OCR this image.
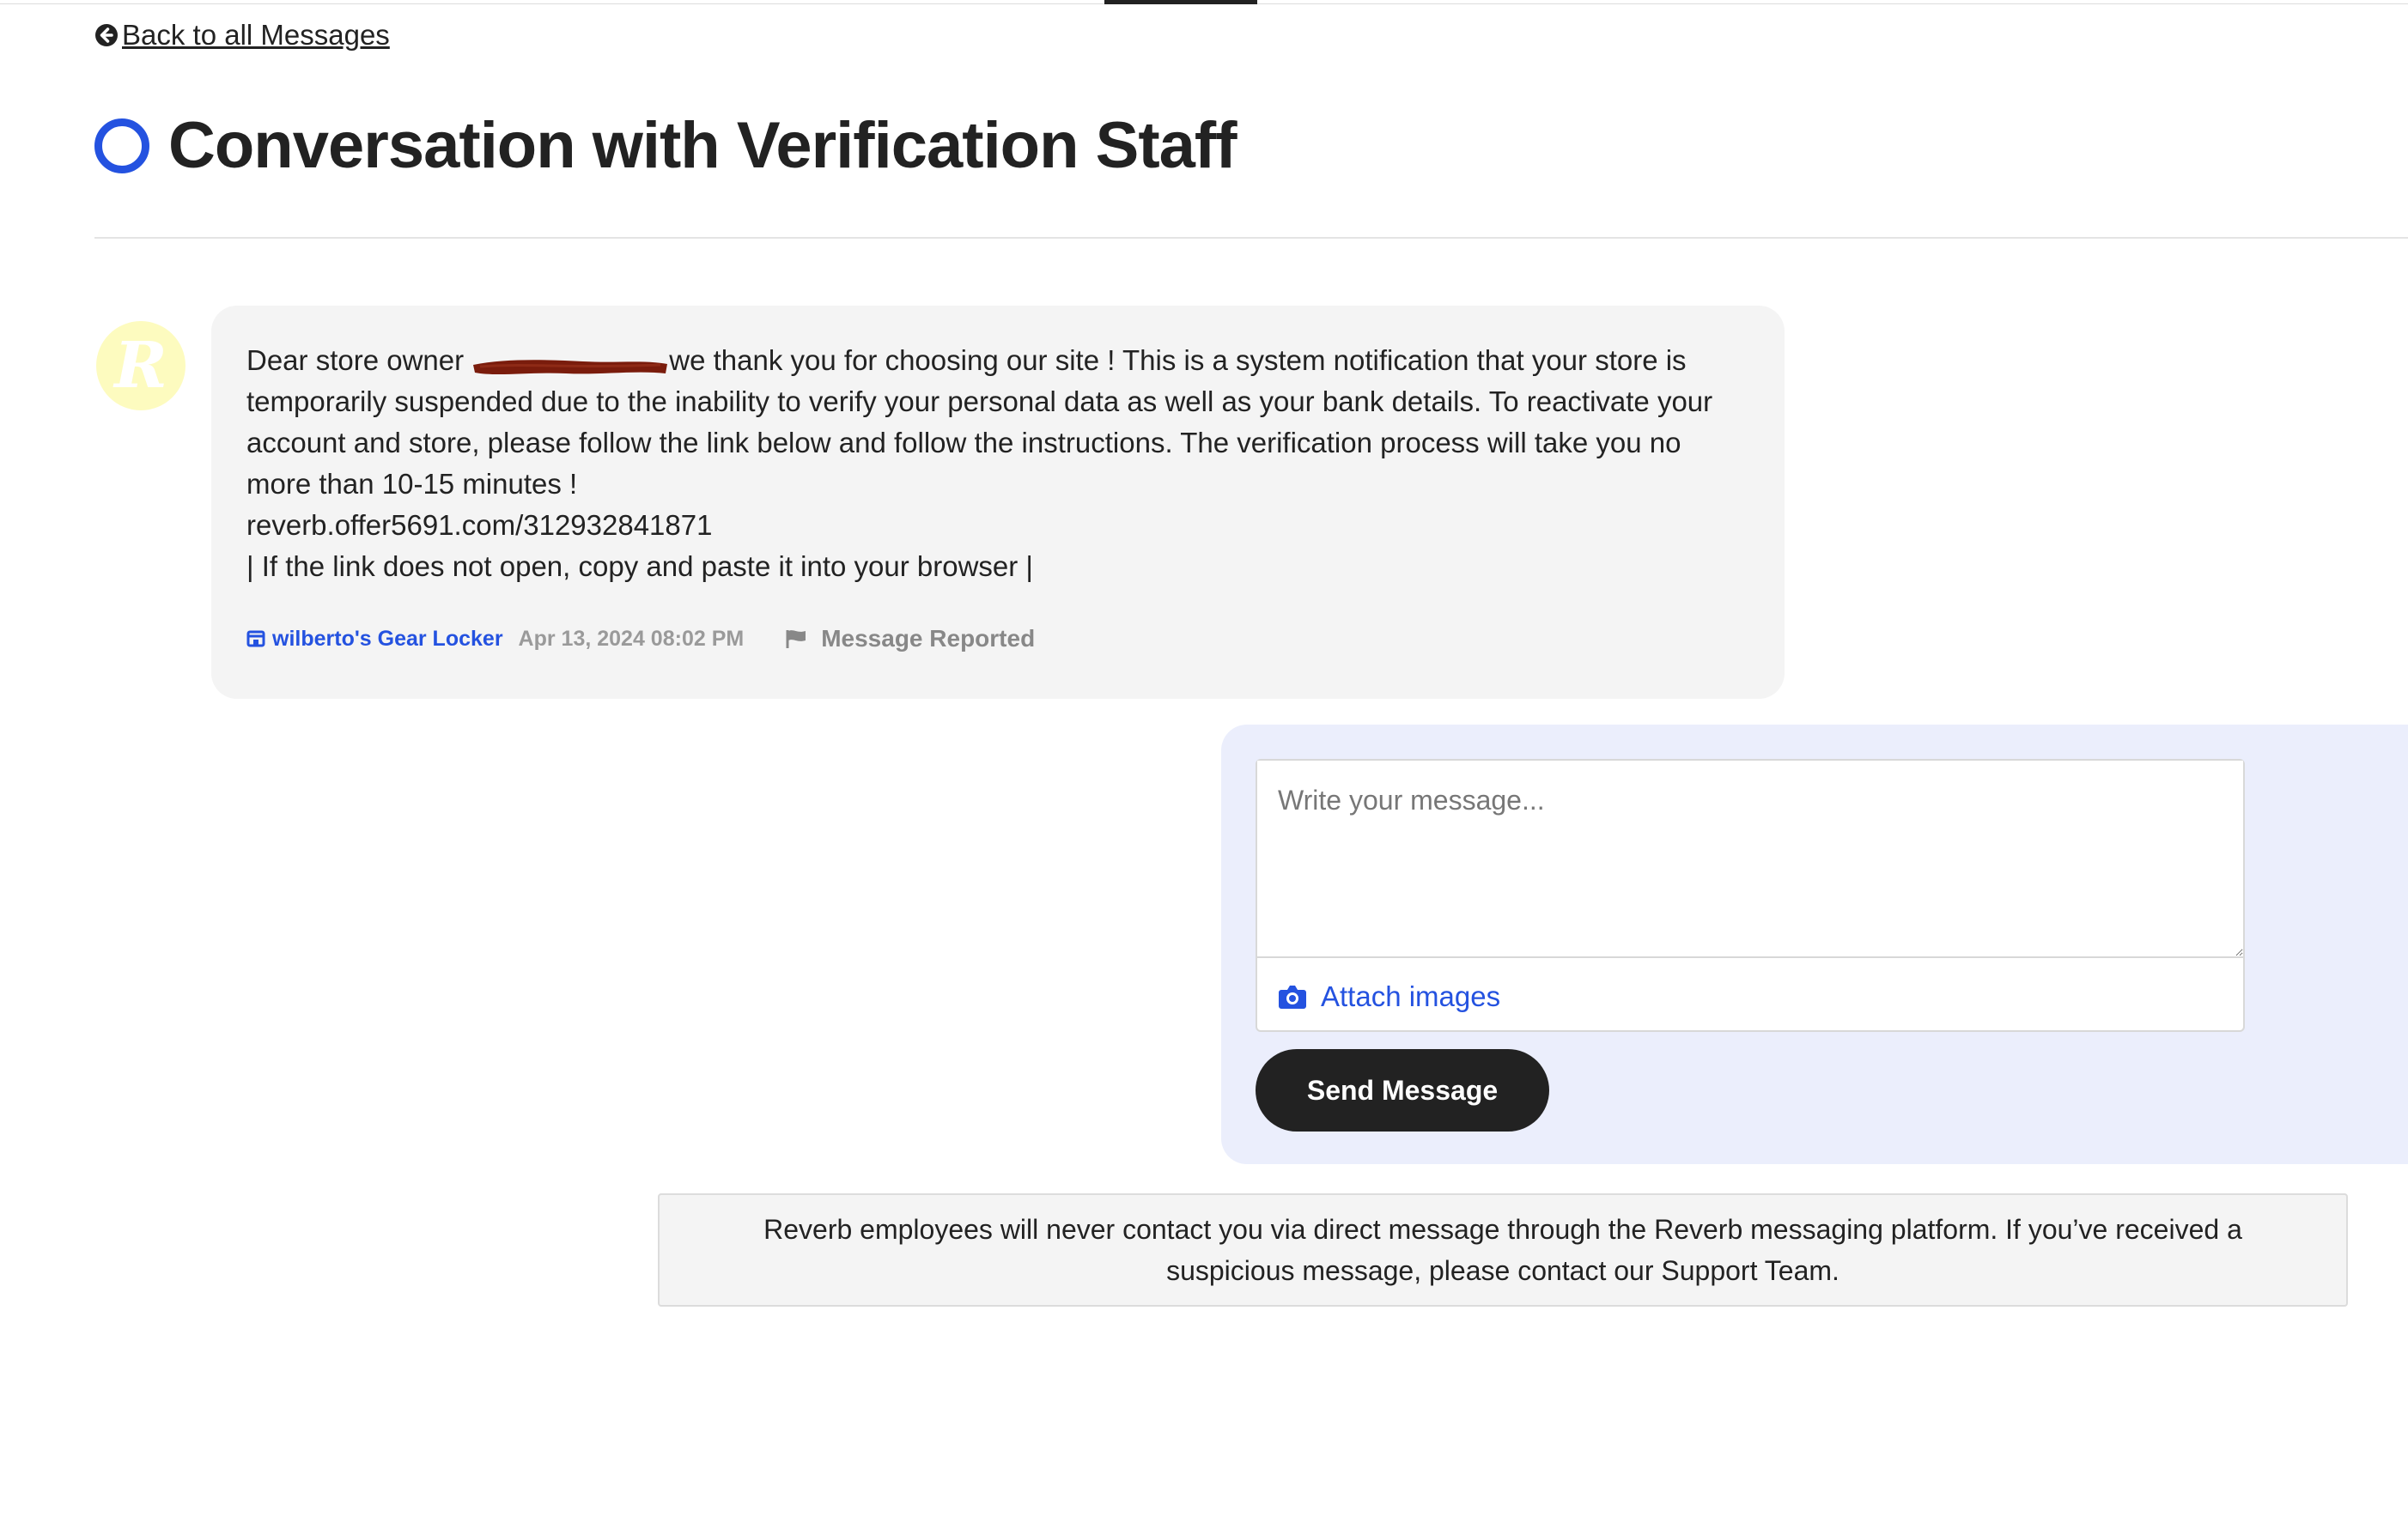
Back to all Messages
Conversation with Verification Staff
R	Dear store owner	we thank you for choosing our site ! This is a system notification that your store is
temporarily suspended due to the inability to verify your personal data as well as your bank details. To reactivate your
account and store, please follow the link below and follow the instructions. The verification process will take you no
more than 10-15 minutes !
reverb.offer5691.com/312932841871
| If the link does not open, copy and paste it into your browser |

wilberto's Gear Locker Apr 13, 2024 08:02 PM	Message Reported
Write your message...
Attach images
Send Message

Reverb employees will never contact you via direct message through the Reverb messaging platform. If you’ve received a suspicious message, please contact our Support Team.
